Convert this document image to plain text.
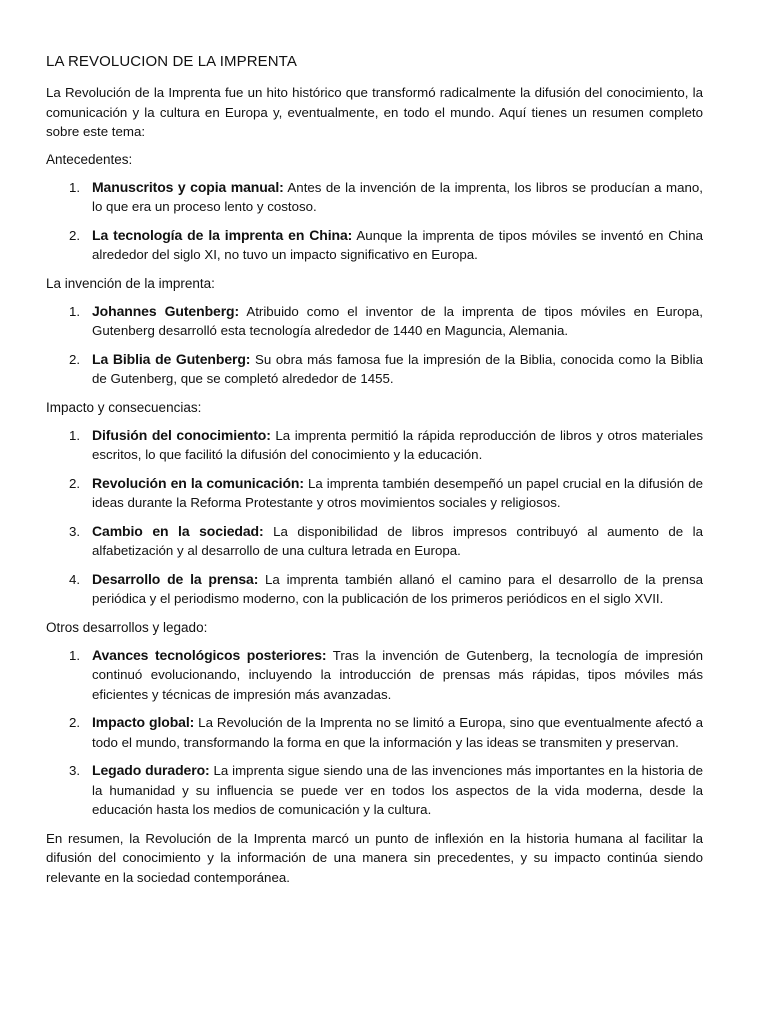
LA REVOLUCION DE LA IMPRENTA

La Revolución de la Imprenta fue un hito histórico que transformó radicalmente la difusión del conocimiento, la comunicación y la cultura en Europa y, eventualmente, en todo el mundo. Aquí tienes un resumen completo sobre este tema:

Antecedentes:
1. Manuscritos y copia manual: Antes de la invención de la imprenta, los libros se producían a mano, lo que era un proceso lento y costoso.
2. La tecnología de la imprenta en China: Aunque la imprenta de tipos móviles se inventó en China alrededor del siglo XI, no tuvo un impacto significativo en Europa.
La invención de la imprenta:
1. Johannes Gutenberg: Atribuido como el inventor de la imprenta de tipos móviles en Europa, Gutenberg desarrolló esta tecnología alrededor de 1440 en Maguncia, Alemania.
2. La Biblia de Gutenberg: Su obra más famosa fue la impresión de la Biblia, conocida como la Biblia de Gutenberg, que se completó alrededor de 1455.
Impacto y consecuencias:
1. Difusión del conocimiento: La imprenta permitió la rápida reproducción de libros y otros materiales escritos, lo que facilitó la difusión del conocimiento y la educación.
2. Revolución en la comunicación: La imprenta también desempeñó un papel crucial en la difusión de ideas durante la Reforma Protestante y otros movimientos sociales y religiosos.
3. Cambio en la sociedad: La disponibilidad de libros impresos contribuyó al aumento de la alfabetización y al desarrollo de una cultura letrada en Europa.
4. Desarrollo de la prensa: La imprenta también allanó el camino para el desarrollo de la prensa periódica y el periodismo moderno, con la publicación de los primeros periódicos en el siglo XVII.
Otros desarrollos y legado:
1. Avances tecnológicos posteriores: Tras la invención de Gutenberg, la tecnología de impresión continuó evolucionando, incluyendo la introducción de prensas más rápidas, tipos móviles más eficientes y técnicas de impresión más avanzadas.
2. Impacto global: La Revolución de la Imprenta no se limitó a Europa, sino que eventualmente afectó a todo el mundo, transformando la forma en que la información y las ideas se transmiten y preservan.
3. Legado duradero: La imprenta sigue siendo una de las invenciones más importantes en la historia de la humanidad y su influencia se puede ver en todos los aspectos de la vida moderna, desde la educación hasta los medios de comunicación y la cultura.

En resumen, la Revolución de la Imprenta marcó un punto de inflexión en la historia humana al facilitar la difusión del conocimiento y la información de una manera sin precedentes, y su impacto continúa siendo relevante en la sociedad contemporánea.
